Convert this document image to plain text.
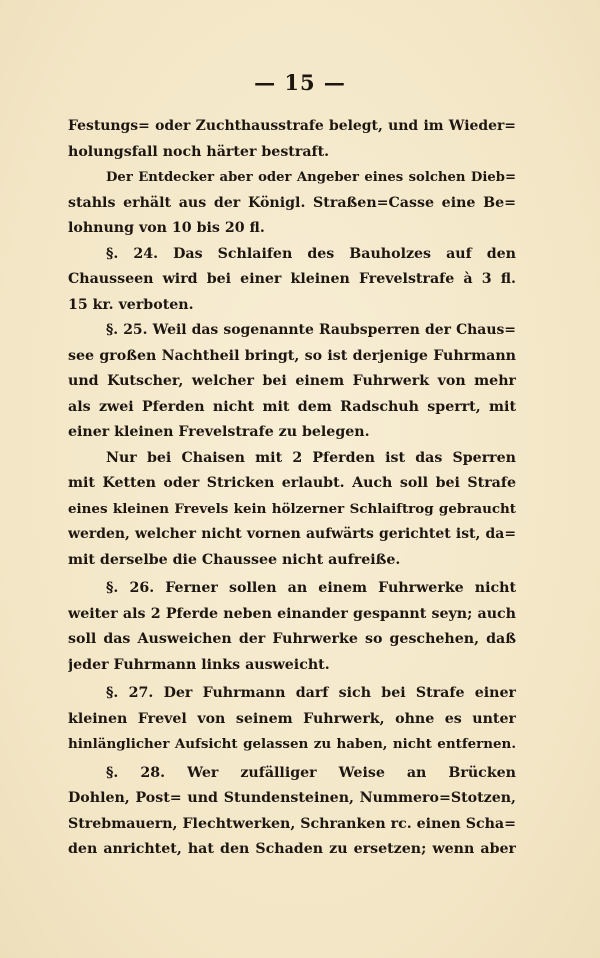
— 15 —
Festungs= oder Zuchthausstrafe belegt, und im Wieder=
holungsfall noch härter bestraft.
Der Entdecker aber oder Angeber eines solchen Dieb=
stahls erhält aus der Königl. Straßen=Casse eine Be=
lohnung von 10 bis 20 fl.
§. 24. Das Schlaifen des Bauholzes auf den
Chausseen wird bei einer kleinen Frevelstrafe à 3 fl.
15 kr. verboten.
§. 25. Weil das sogenannte Raubsperren der Chaus=
see großen Nachtheil bringt, so ist derjenige Fuhrmann
und Kutscher, welcher bei einem Fuhrwerk von mehr
als zwei Pferden nicht mit dem Radschuh sperrt, mit
einer kleinen Frevelstrafe zu belegen.
Nur bei Chaisen mit 2 Pferden ist das Sperren
mit Ketten oder Stricken erlaubt. Auch soll bei Strafe
eines kleinen Frevels kein hölzerner Schlaiftrog gebraucht
werden, welcher nicht vornen aufwärts gerichtet ist, da=
mit derselbe die Chaussee nicht aufreiße.
§. 26. Ferner sollen an einem Fuhrwerke nicht
weiter als 2 Pferde neben einander gespannt seyn; auch
soll das Ausweichen der Fuhrwerke so geschehen, daß
jeder Fuhrmann links ausweicht.
§. 27. Der Fuhrmann darf sich bei Strafe einer
kleinen Frevel von seinem Fuhrwerk, ohne es unter
hinlänglicher Aufsicht gelassen zu haben, nicht entfernen.
§. 28. Wer zufälliger Weise an Brücken
Dohlen, Post= und Stundensteinen, Nummero=Stotzen,
Strebmauern, Flechtwerken, Schranken rc. einen Scha=
den anrichtet, hat den Schaden zu ersetzen; wenn aber
